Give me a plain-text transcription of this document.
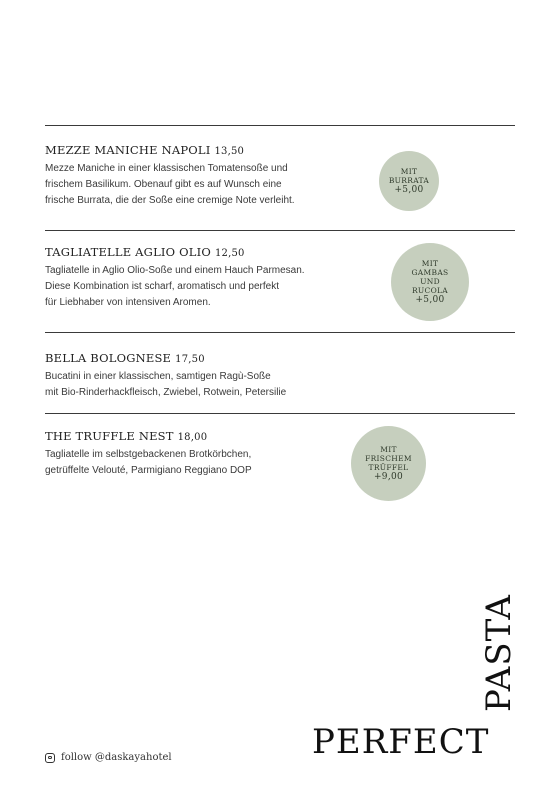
MEZZE MANICHE NAPOLI 13,50
Mezze Maniche in einer klassischen Tomatensoße und
frischem Basilikum. Obenauf gibt es auf Wunsch eine
frische Burrata, die der Soße eine cremige Note verleiht.
MIT
BURRATA
+5,00
TAGLIATELLE AGLIO OLIO 12,50
Tagliatelle in Aglio Olio-Soße und einem Hauch Parmesan.
Diese Kombination ist scharf, aromatisch und perfekt
für Liebhaber von intensiven Aromen.
MIT
GAMBAS
UND
RUCOLA
+5,00
BELLA BOLOGNESE 17,50
Bucatini in einer klassischen, samtigen Ragù-Soße
mit Bio-Rinderhackfleisch, Zwiebel, Rotwein, Petersilie
THE TRUFFLE NEST 18,00
Tagliatelle im selbstgebackenen Brotkörbchen,
getrüffelte Velouté, Parmigiano Reggiano DOP
MIT
FRISCHEM
TRÜFFEL
+9,00
follow @daskayahotel
PASTA
PERFECT
